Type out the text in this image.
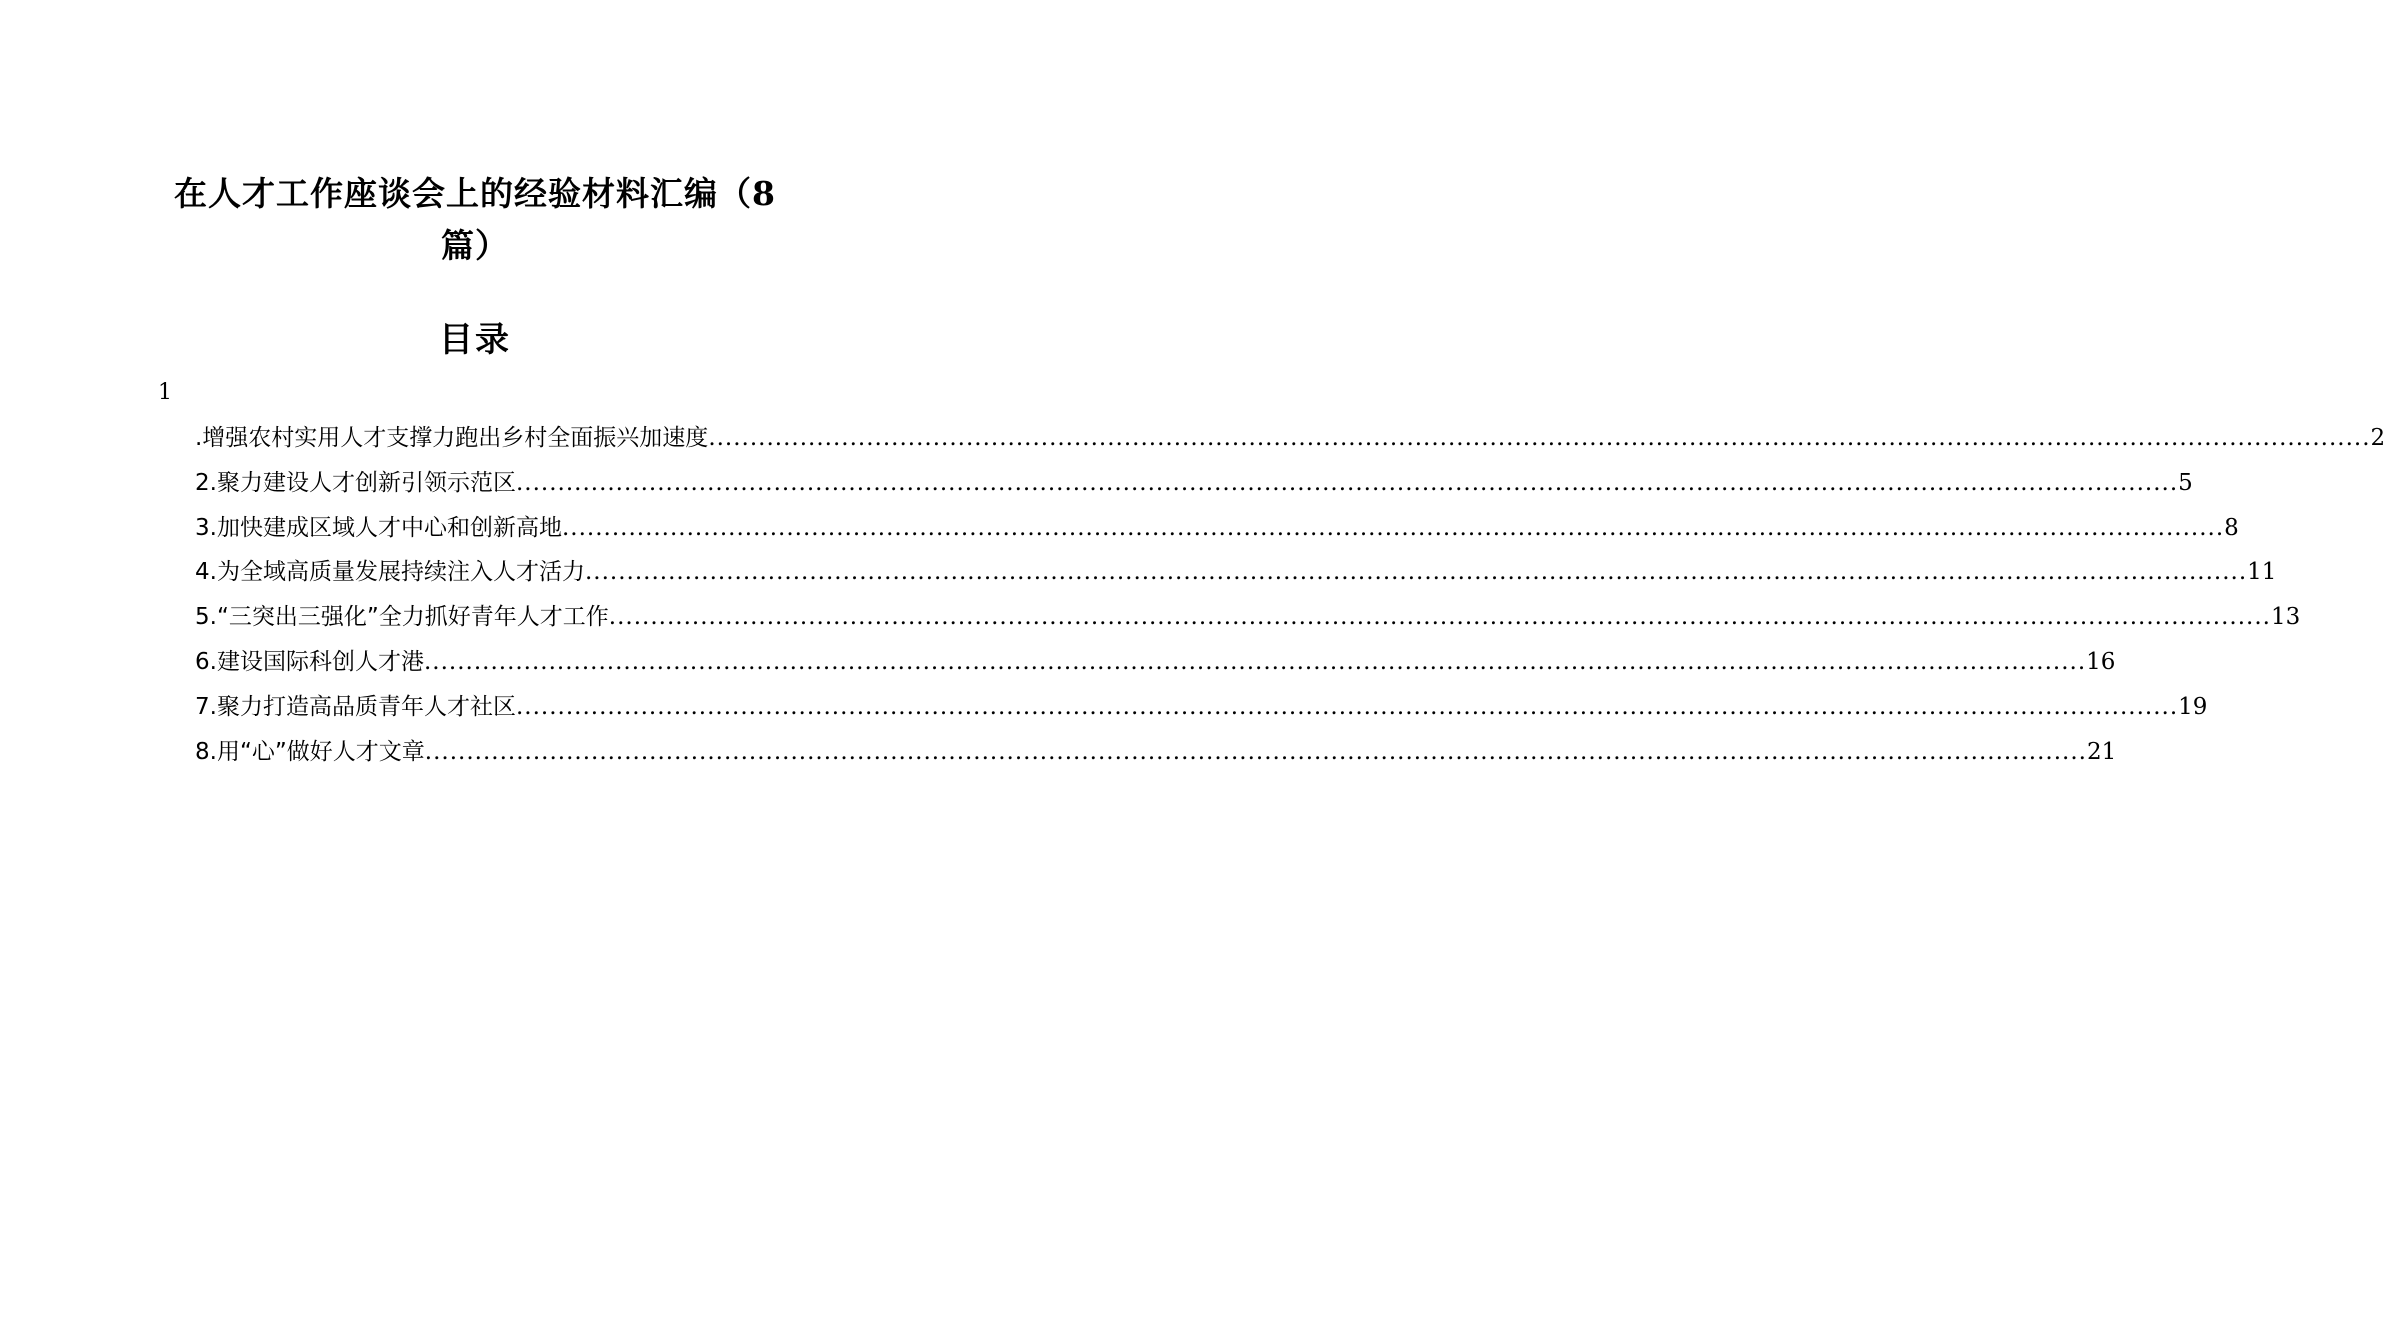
在人才工作座谈会上的经验材料汇编（8
篇）
目录
1
.增强农村实用人才支撑力跑出乡村全面振兴加速度 ........................................................................................................................................................................................................ 2
2.聚力建设人才创新引领示范区 ........................................................................................................................................................................................................ 5
3.加快建成区域人才中心和创新高地 ........................................................................................................................................................................................................ 8
4.为全域高质量发展持续注入人才活力 ........................................................................................................................................................................................................ 11
5.“三突出三强化”全力抓好青年人才工作 ........................................................................................................................................................................................................ 13
6.建设国际科创人才港 ........................................................................................................................................................................................................ 16
7.聚力打造高品质青年人才社区 ........................................................................................................................................................................................................ 19
8.用“心”做好人才文章 ........................................................................................................................................................................................................ 21
